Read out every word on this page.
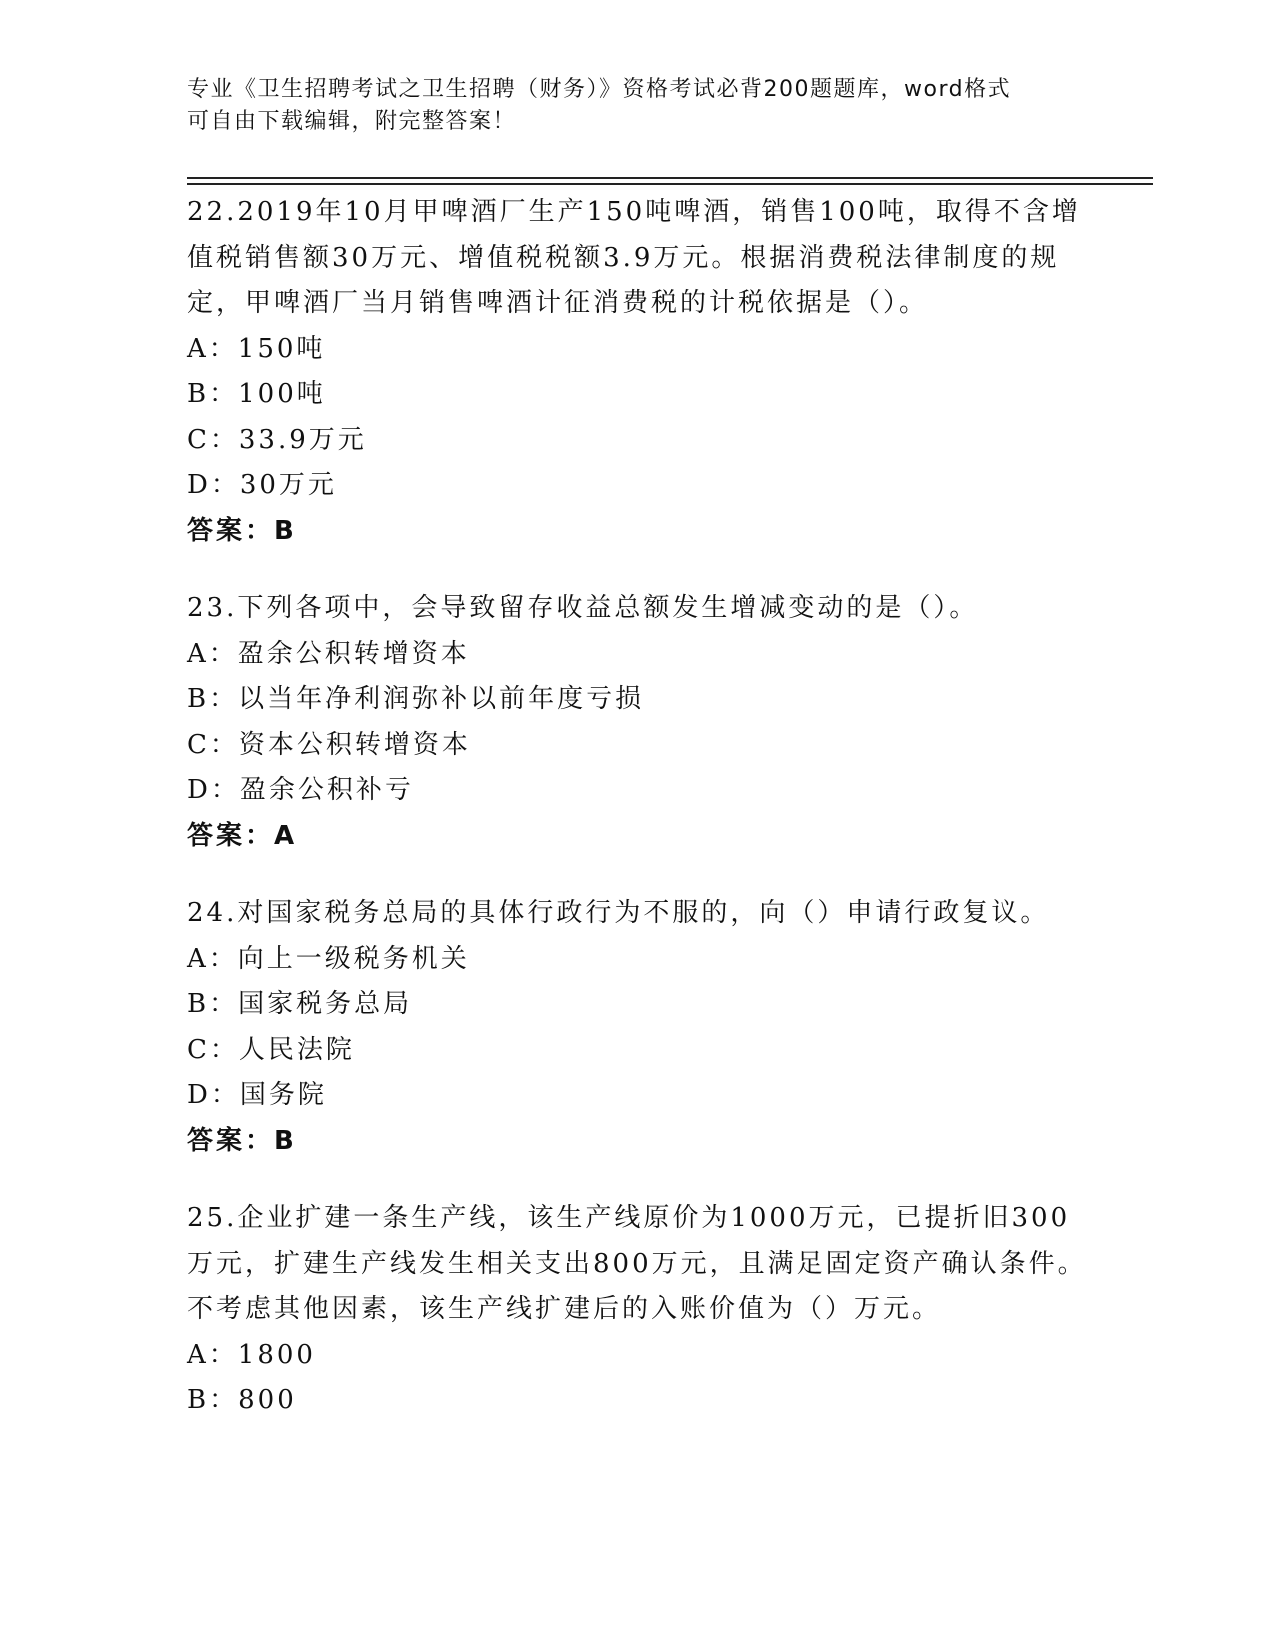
专业《卫生招聘考试之卫生招聘（财务）》资格考试必背200题题库，word格式
可自由下载编辑，附完整答案！
22.2019年10月甲啤酒厂生产150吨啤酒，销售100吨，取得不含增值税销售额30万元、增值税税额3.9万元。根据消费税法律制度的规定，甲啤酒厂当月销售啤酒计征消费税的计税依据是（）。
A：150吨
B：100吨
C：33.9万元
D：30万元
答案：B
23.下列各项中，会导致留存收益总额发生增减变动的是（）。
A：盈余公积转增资本
B：以当年净利润弥补以前年度亏损
C：资本公积转增资本
D：盈余公积补亏
答案：A
24.对国家税务总局的具体行政行为不服的，向（）申请行政复议。
A：向上一级税务机关
B：国家税务总局
C：人民法院
D：国务院
答案：B
25.企业扩建一条生产线，该生产线原价为1000万元，已提折旧300万元，扩建生产线发生相关支出800万元，且满足固定资产确认条件。不考虑其他因素，该生产线扩建后的入账价值为（）万元。
A：1800
B：800
